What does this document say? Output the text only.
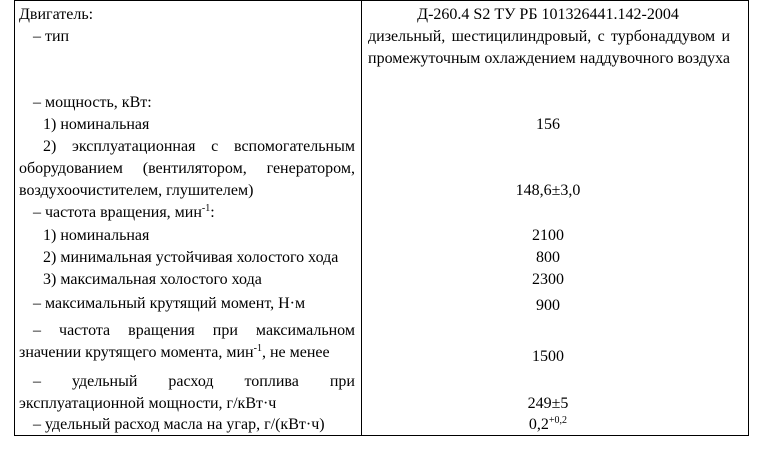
Двигатель:	Д-260.4 S2 ТУ РБ 101326441.142-2004
– тип	дизельный, шестицилиндровый, с турбонаддувом и промежуточным охлаждением наддувочного воздуха
– мощность, кВт:
1) номинальная	156
2) эксплуатационная с вспомогательным оборудованием (вентилятором, генератором, воздухоочистителем, глушителем)	148,6±3,0
– частота вращения, мин$^{-1}$:
1) номинальная	2100
2) минимальная устойчивая холостого хода	800
3) максимальная холостого хода	2300
– максимальный крутящий момент, Н·м	900
– частота вращения при максимальном значении крутящего момента, мин$^{-1}$, не менее	1500
– удельный расход топлива при эксплуатационной мощности, г/кВт·ч	249±5
– удельный расход масла на угар, г/(кВт·ч)	$0,2^{+0,2}$
